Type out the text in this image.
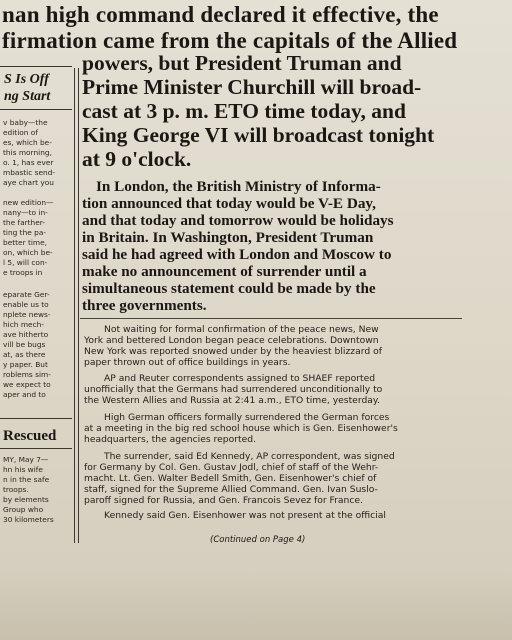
nan high command declared it effective, the
firmation came from the capitals of the Allied
S Is Off
ng Start
v baby—the
edition of
es, which be-
this morning,
o. 1, has ever
mbastic send-
aye chart you
new edition—
nany—to in-
the farther-
ting the pa-
better time,
on, which be-
l 5, will con-
e troops in
eparate Ger-
enable us to
nplete news-
hich mech-
ave hitherto
vill be bugs
at, as there
y paper. But
roblems sim-
we expect to
aper and to
Rescued
MY, May 7—
hn his wife
n in the safe
troops.
by elements
Group who
30 kilometers
powers, but President Truman and
Prime Minister Churchill will broad-
cast at 3 p. m. ETO time today, and
King George VI will broadcast tonight
at 9 o'clock.
In London, the British Ministry of Informa-
tion announced that today would be V-E Day,
and that today and tomorrow would be holidays
in Britain. In Washington, President Truman
said he had agreed with London and Moscow to
make no announcement of surrender until a
simultaneous statement could be made by the
three governments.
Not waiting for formal confirmation of the peace news, New
York and bettered London began peace celebrations. Downtown
New York was reported snowed under by the heaviest blizzard of
paper thrown out of office buildings in years.
AP and Reuter correspondents assigned to SHAEF reported
unofficially that the Germans had surrendered unconditionally to
the Western Allies and Russia at 2:41 a.m., ETO time, yesterday.
High German officers formally surrendered the German forces
at a meeting in the big red school house which is Gen. Eisenhower's
headquarters, the agencies reported.
The surrender, said Ed Kennedy, AP correspondent, was signed
for Germany by Col. Gen. Gustav Jodl, chief of staff of the Wehr-
macht. Lt. Gen. Walter Bedell Smith, Gen. Eisenhower's chief of
staff, signed for the Supreme Allied Command. Gen. Ivan Suslo-
paroff signed for Russia, and Gen. Francois Sevez for France.
Kennedy said Gen. Eisenhower was not present at the official
(Continued on Page 4)
